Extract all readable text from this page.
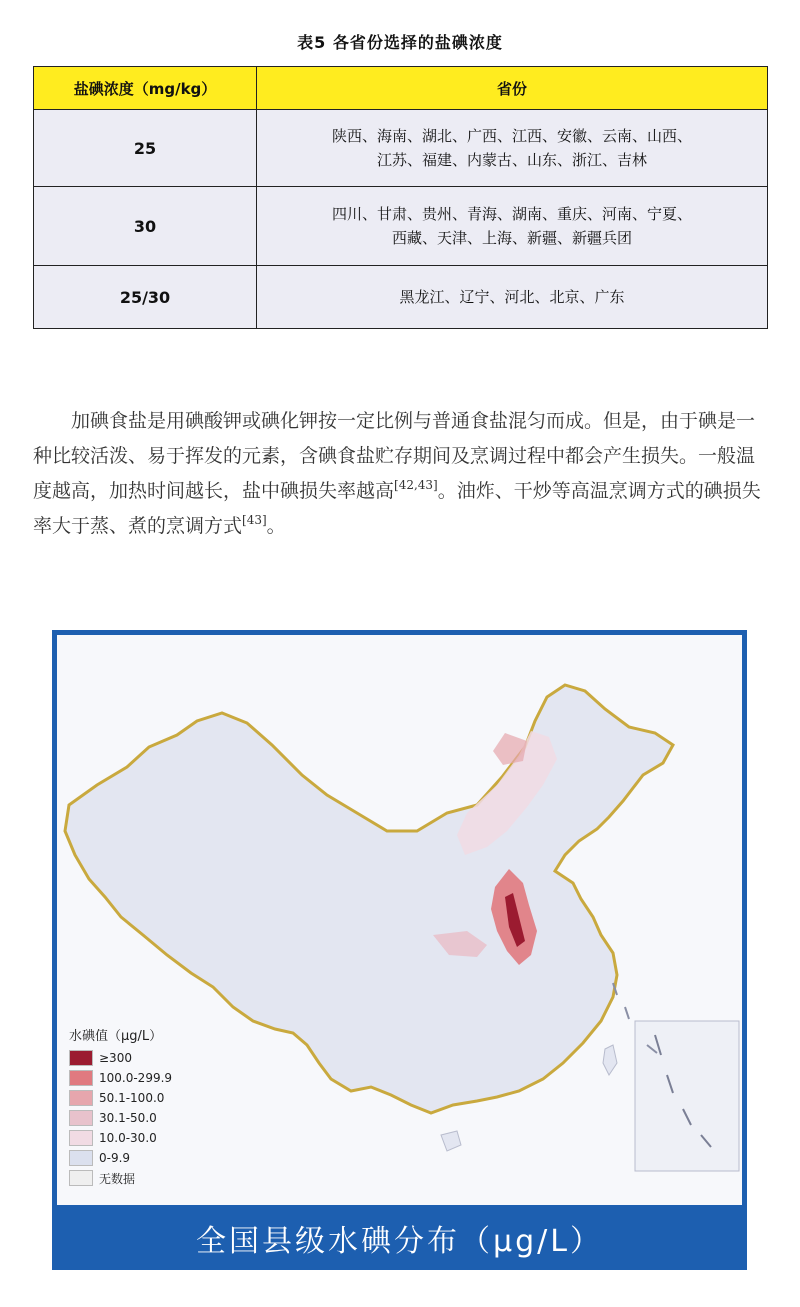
表5 各省份选择的盐碘浓度
盐碘浓度（mg/kg）	省份
25	陕西、海南、湖北、广西、江西、安徽、云南、山西、
江苏、福建、内蒙古、山东、浙江、吉林

30	四川、甘肃、贵州、青海、湖南、重庆、河南、宁夏、
西藏、天津、上海、新疆、新疆兵团

25/30	黑龙江、辽宁、河北、北京、广东
加碘食盐是用碘酸钾或碘化钾按一定比例与普通食盐混匀而成。但是，由于碘是一种比较活泼、易于挥发的元素，含碘食盐贮存期间及烹调过程中都会产生损失。一般温度越高，加热时间越长，盐中碘损失率越高[42,43]。油炸、干炒等高温烹调方式的碘损失率大于蒸、煮的烹调方式[43]。
水碘值（μg/L）
≥300
100.0-299.9
50.1-100.0
30.1-50.0
10.0-30.0
0-9.9
无数据
全国县级水碘分布（μg/L）
